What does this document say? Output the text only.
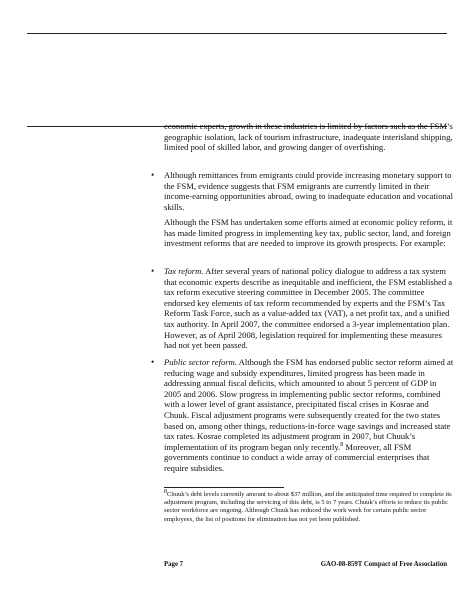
economic experts, growth in these industries is limited by factors such as the FSM’s geographic isolation, lack of tourism infrastructure, inadequate interisland shipping, limited pool of skilled labor, and growing danger of overfishing.

• Although remittances from emigrants could provide increasing monetary support to the FSM, evidence suggests that FSM emigrants are currently limited in their income-earning opportunities abroad, owing to inadequate education and vocational skills.

Although the FSM has undertaken some efforts aimed at economic policy reform, it has made limited progress in implementing key tax, public sector, land, and foreign investment reforms that are needed to improve its growth prospects. For example:

• Tax reform. After several years of national policy dialogue to address a tax system that economic experts describe as inequitable and inefficient, the FSM established a tax reform executive steering committee in December 2005. The committee endorsed key elements of tax reform recommended by experts and the FSM’s Tax Reform Task Force, such as a value-added tax (VAT), a net profit tax, and a unified tax authority. In April 2007, the committee endorsed a 3-year implementation plan. However, as of April 2008, legislation required for implementing these measures had not yet been passed.

• Public sector reform. Although the FSM has endorsed public sector reform aimed at reducing wage and subsidy expenditures, limited progress has been made in addressing annual fiscal deficits, which amounted to about 5 percent of GDP in 2005 and 2006. Slow progress in implementing public sector reforms, combined with a lower level of grant assistance, precipitated fiscal crises in Kosrae and Chuuk. Fiscal adjustment programs were subsequently created for the two states based on, among other things, reductions-in-force wage savings and increased state tax rates. Kosrae completed its adjustment program in 2007, but Chuuk’s implementation of its program began only recently.$^8$ Moreover, all FSM governments continue to conduct a wide array of commercial enterprises that require subsidies.

$^8$Chuuk’s debt levels currently amount to about $37 million, and the anticipated time required to complete its adjustment program, including the servicing of this debt, is 5 to 7 years. Chuuk’s efforts to reduce its public sector workforce are ongoing. Although Chuuk has reduced the work week for certain public sector employees, the list of positions for elimination has not yet been published.

Page 7	GAO-08-859T Compact of Free Association
